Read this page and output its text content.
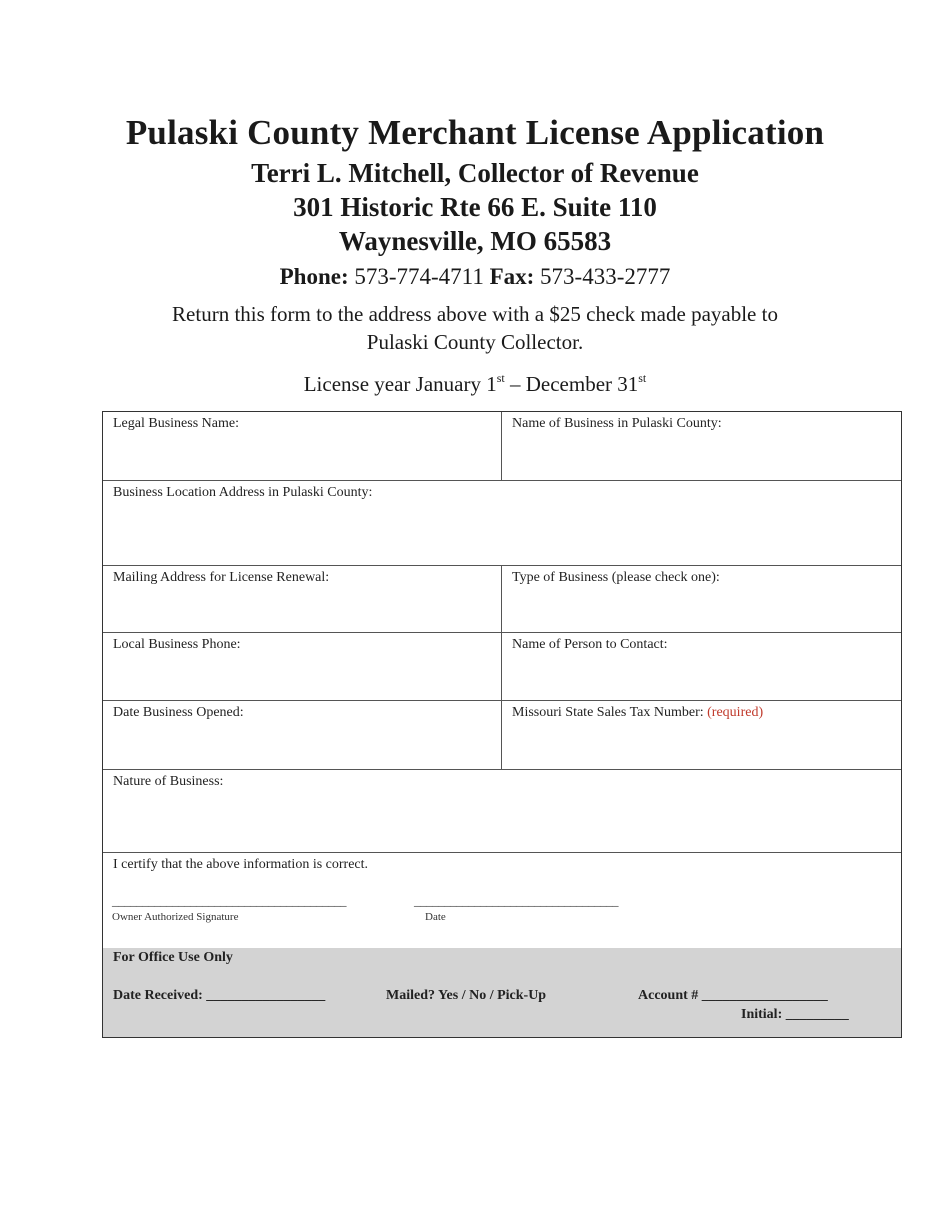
Pulaski County Merchant License Application
Terri L. Mitchell, Collector of Revenue
301 Historic Rte 66 E. Suite 110
Waynesville, MO 65583
Phone: 573-774-4711 Fax: 573-433-2777
Return this form to the address above with a $25 check made payable to
Pulaski County Collector.
License year January 1st – December 31st
Legal Business Name:	Name of Business in Pulaski County:
Business Location Address in Pulaski County:
Mailing Address for License Renewal:	Type of Business (please check one):
Local Business Phone:	Name of Person to Contact:
Date Business Opened:	Missouri State Sales Tax Number: (required)
Nature of Business:
I certify that the above information is correct.
_______________________________________
Owner Authorized Signature
__________________________________
Date
For Office Use Only
Date Received: _________________	Mailed? Yes / No / Pick-Up	Account # __________________
Initial: _________
